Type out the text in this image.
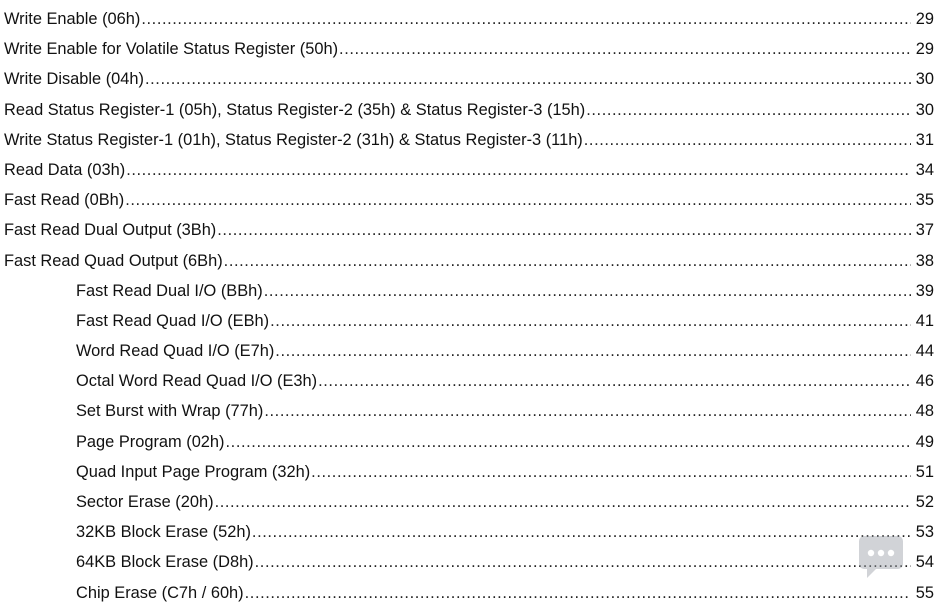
Write Enable (06h) .....	29
Write Enable for Volatile Status Register (50h) .....	29
Write Disable (04h) .....	30
Read Status Register-1 (05h), Status Register-2 (35h) & Status Register-3 (15h) .....	30
Write Status Register-1 (01h), Status Register-2 (31h) & Status Register-3 (11h) .....	31
Read Data (03h) .....	34
Fast Read (0Bh) .....	35
Fast Read Dual Output (3Bh) .....	37
Fast Read Quad Output (6Bh) .....	38
Fast Read Dual I/O (BBh) .....	39
Fast Read Quad I/O (EBh) .....	41
Word Read Quad I/O (E7h) .....	44
Octal Word Read Quad I/O (E3h) .....	46
Set Burst with Wrap (77h) .....	48
Page Program (02h) .....	49
Quad Input Page Program (32h) .....	51
Sector Erase (20h) .....	52
32KB Block Erase (52h) .....	53
64KB Block Erase (D8h) .....	54
Chip Erase (C7h / 60h) .....	55
